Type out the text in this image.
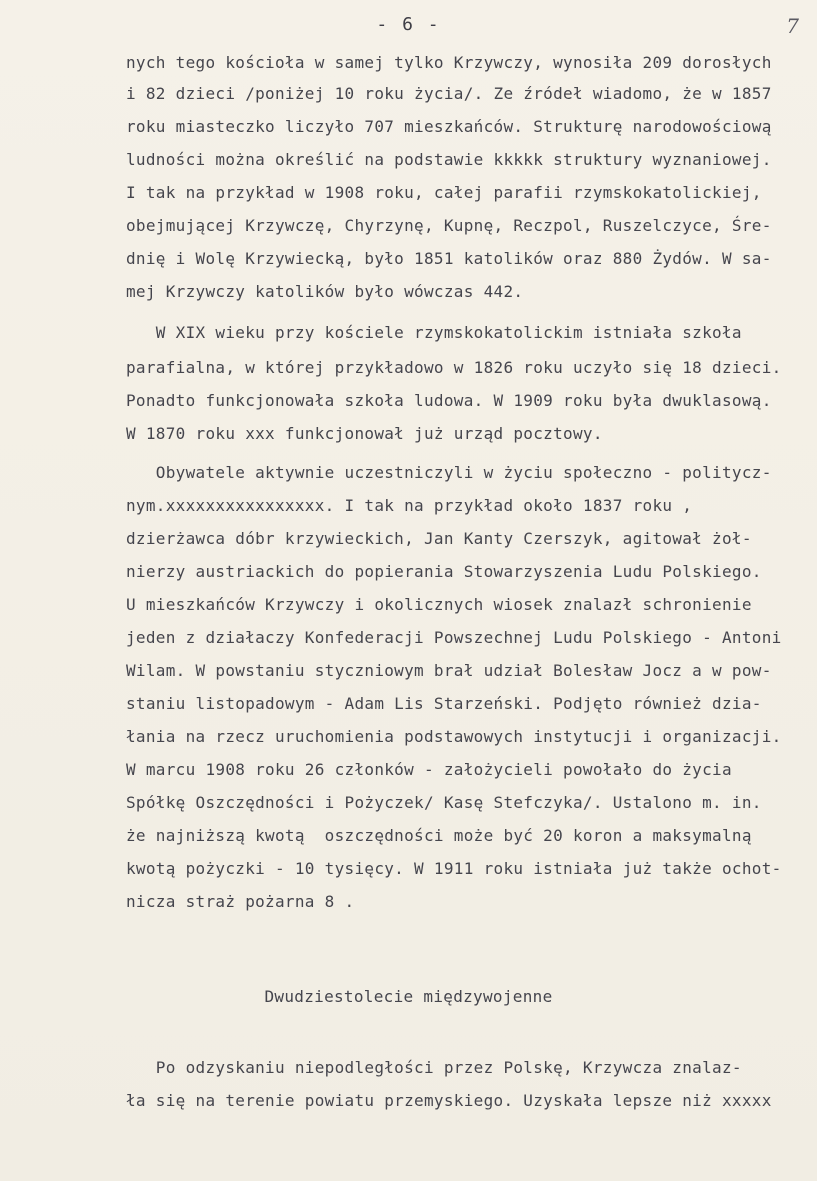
- 6 -	7
nych tego kościoła w samej tylko Krzywczy, wynosiła 209 dorosłych
i 82 dzieci /poniżej 10 roku życia/. Ze źródeł wiadomo, że w 1857
roku miasteczko liczyło 707 mieszkańców. Strukturę narodowościową
ludności można określić na podstawie kkkkk struktury wyznaniowej.
I tak na przykład w 1908 roku, całej parafii rzymskokatolickiej,
obejmującej Krzywczę, Chyrzynę, Kupnę, Reczpol, Ruszelczyce, Śre-
dnię i Wolę Krzywiecką, było 1851 katolików oraz 880 Żydów. W sa-
mej Krzywczy katolików było wówczas 442.
W XIX wieku przy kościele rzymskokatolickim istniała szkoła
parafialna, w której przykładowo w 1826 roku uczyło się 18 dzieci.
Ponadto funkcjonowała szkoła ludowa. W 1909 roku była dwuklasową.
W 1870 roku xxx funkcjonował już urząd pocztowy.
Obywatele aktywnie uczestniczyli w życiu społeczno - politycz-
nym.xxxxxxxxxxxxxxxx. I tak na przykład około 1837 roku ,
dzierżawca dóbr krzywieckich, Jan Kanty Czerszyk, agitował żoł-
nierzy austriackich do popierania Stowarzyszenia Ludu Polskiego.
U mieszkańców Krzywczy i okolicznych wiosek znalazł schronienie
jeden z działaczy Konfederacji Powszechnej Ludu Polskiego - Antoni
Wilam. W powstaniu styczniowym brał udział Bolesław Jocz a w pow-
staniu listopadowym - Adam Lis Starzeński. Podjęto również dzia-
łania na rzecz uruchomienia podstawowych instytucji i organizacji.
W marcu 1908 roku 26 członków - założycieli powołało do życia
Spółkę Oszczędności i Pożyczek/ Kasę Stefczyka/. Ustalono m. in.
że najniższą kwotą  oszczędności może być 20 koron a maksymalną
kwotą pożyczki - 10 tysięcy. W 1911 roku istniała już także ochot-
nicza straż pożarna 8 .
Dwudziestolecie międzywojenne
Po odzyskaniu niepodległości przez Polskę, Krzywcza znalaz-
ła się na terenie powiatu przemyskiego. Uzyskała lepsze niż xxxxx
